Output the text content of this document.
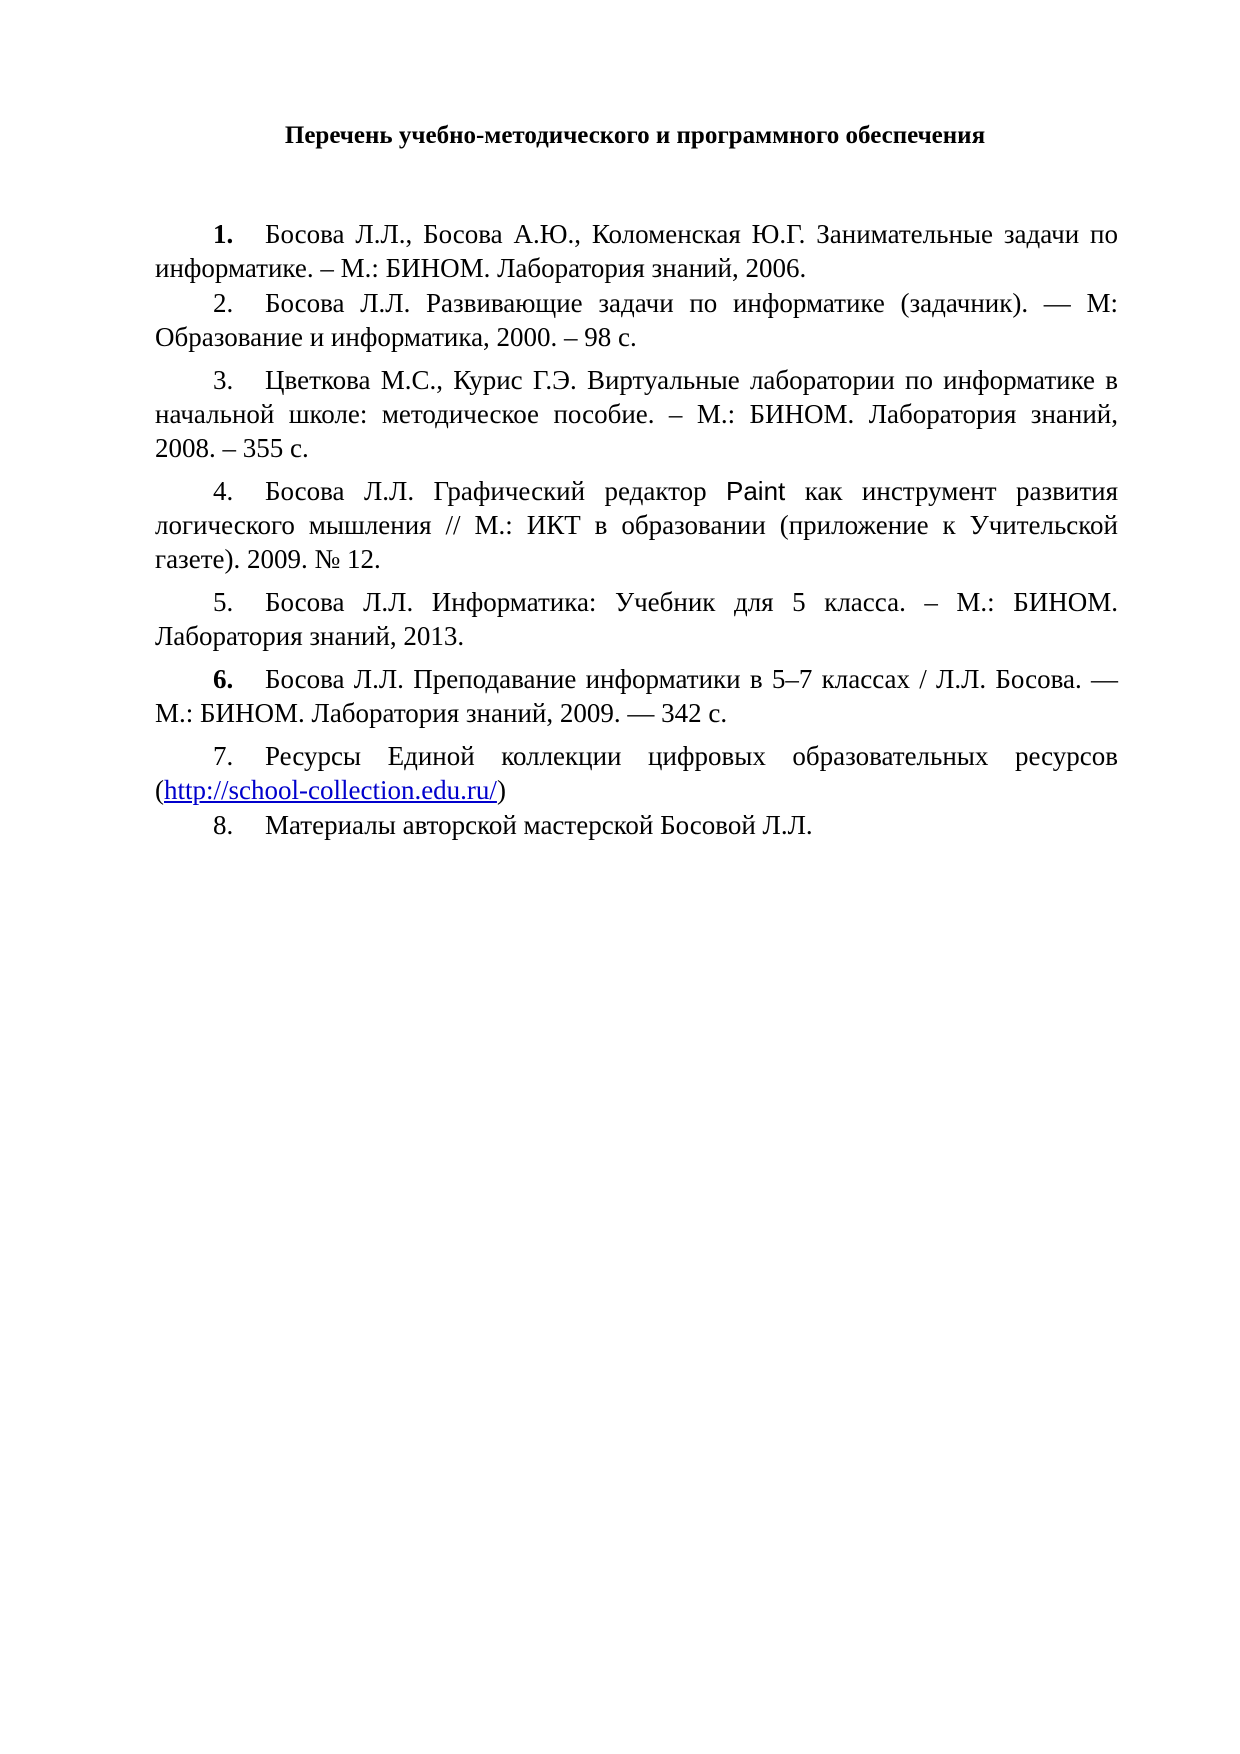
Перечень учебно-методического и программного обеспечения
1. Босова Л.Л., Босова А.Ю., Коломенская Ю.Г. Занимательные задачи по информатике. – М.: БИНОМ. Лаборатория знаний, 2006.
2. Босова Л.Л. Развивающие задачи по информатике (задачник). — М: Образование и информатика, 2000. – 98 с.
3. Цветкова М.С., Курис Г.Э. Виртуальные лаборатории по информатике в начальной школе: методическое пособие. – М.: БИНОМ. Лаборатория знаний, 2008. – 355 с.
4. Босова Л.Л. Графический редактор Paint как инструмент развития логического мышления // М.: ИКТ в образовании (приложение к Учительской газете). 2009. № 12.
5. Босова Л.Л. Информатика: Учебник для 5 класса. – М.: БИНОМ. Лаборатория знаний, 2013.
6. Босова Л.Л. Преподавание информатики в 5–7 классах / Л.Л. Босова. — М.: БИНОМ. Лаборатория знаний, 2009. — 342 с.
7. Ресурсы Единой коллекции цифровых образовательных ресурсов (http://school-collection.edu.ru/)
8. Материалы авторской мастерской Босовой Л.Л.
